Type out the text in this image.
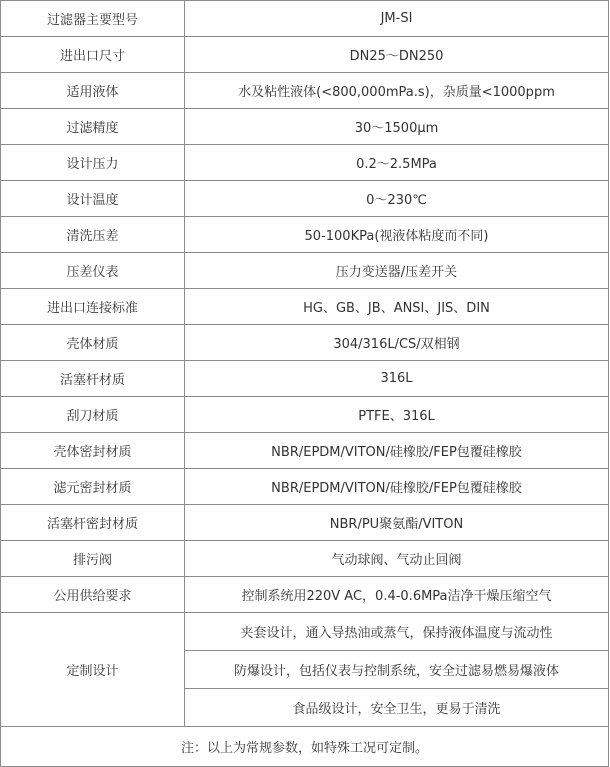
过滤器主要型号	JM-SI
进出口尺寸	DN25～DN250
适用液体	水及粘性液体(<800,000mPa.s)，杂质量<1000ppm
过滤精度	30～1500μm
设计压力	0.2～2.5MPa
设计温度	0～230℃
清洗压差	50-100KPa(视液体粘度而不同)
压差仪表	压力变送器/压差开关
进出口连接标准	HG、GB、JB、ANSI、JIS、DIN
壳体材质	304/316L/CS/双相钢
活塞杆材质	316L
刮刀材质	PTFE、316L
壳体密封材质	NBR/EPDM/VITON/硅橡胶/FEP包覆硅橡胶
滤元密封材质	NBR/EPDM/VITON/硅橡胶/FEP包覆硅橡胶
活塞杆密封材质	NBR/PU聚氨酯/VITON
排污阀	气动球阀、气动止回阀
公用供给要求	控制系统用220V AC，0.4-0.6MPa洁净干燥压缩空气
定制设计	夹套设计，通入导热油或蒸气，保持液体温度与流动性
	防爆设计，包括仪表与控制系统，安全过滤易燃易爆液体
	食品级设计，安全卫生，更易于清洗
注：以上为常规参数，如特殊工况可定制。	
